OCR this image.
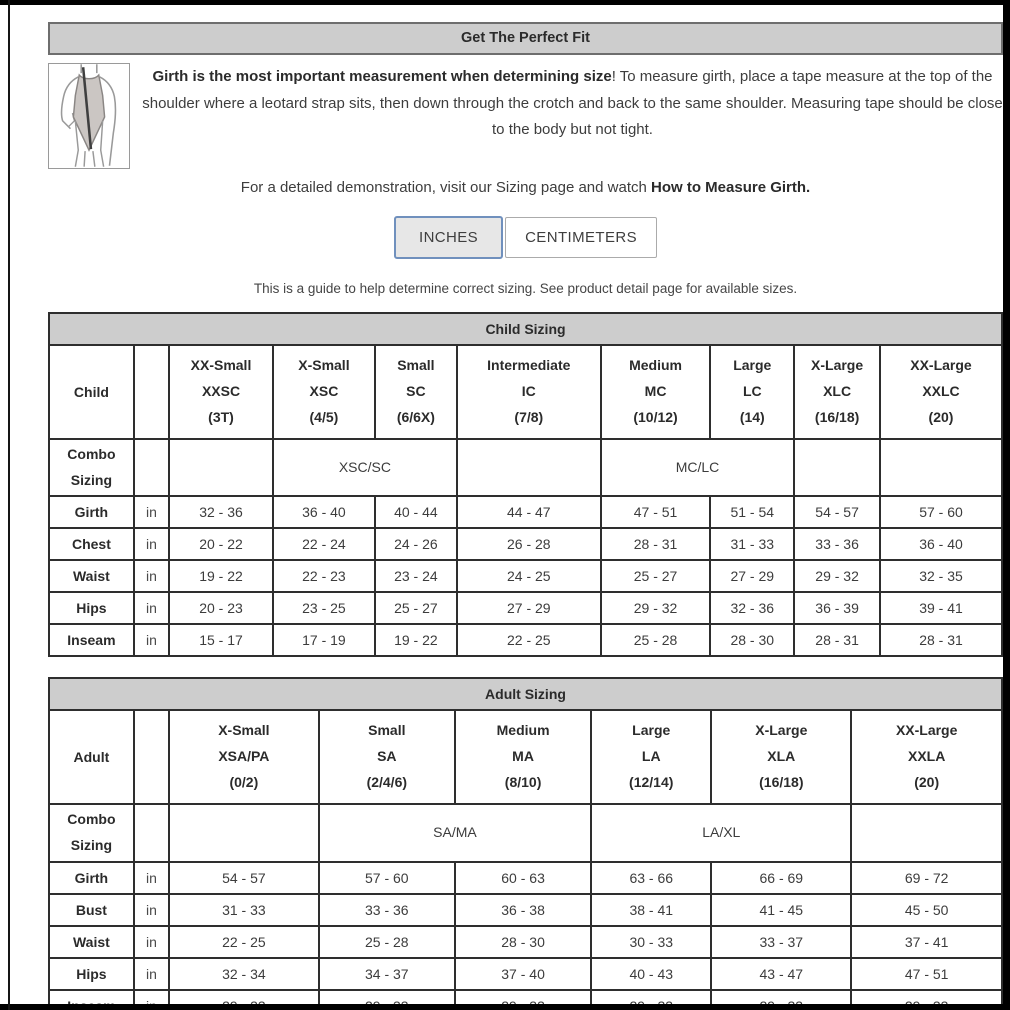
Get The Perfect Fit

Girth is the most important measurement when determining size! To measure girth, place a tape measure at the top of the shoulder where a leotard strap sits, then down through the crotch and back to the same shoulder. Measuring tape should be close to the body but not tight.

For a detailed demonstration, visit our Sizing page and watch How to Measure Girth.

INCHES	CENTIMETERS

This is a guide to help determine correct sizing. See product detail page for available sizes.

Child Sizing									
Child		XX-Small
XXSC
(3T)	X-Small
XSC
(4/5)	Small
SC
(6/6X)	Intermediate
IC
(7/8)	Medium
MC
(10/12)	Large
LC
(14)	X-Large
XLC
(16/18)	XX-Large
XXLC
(20)
Combo
Sizing			XSC/SC			MC/LC			
Girth	in	32 - 36	36 - 40	40 - 44	44 - 47	47 - 51	51 - 54	54 - 57	57 - 60
Chest	in	20 - 22	22 - 24	24 - 26	26 - 28	28 - 31	31 - 33	33 - 36	36 - 40
Waist	in	19 - 22	22 - 23	23 - 24	24 - 25	25 - 27	27 - 29	29 - 32	32 - 35
Hips	in	20 - 23	23 - 25	25 - 27	27 - 29	29 - 32	32 - 36	36 - 39	39 - 41
Inseam	in	15 - 17	17 - 19	19 - 22	22 - 25	25 - 28	28 - 30	28 - 31	28 - 31
Adult Sizing							
Adult		X-Small
XSA/PA
(0/2)	Small
SA
(2/4/6)	Medium
MA
(8/10)	Large
LA
(12/14)	X-Large
XLA
(16/18)	XX-Large
XXLA
(20)
Combo
Sizing			SA/MA		LA/XL		
Girth	in	54 - 57	57 - 60	60 - 63	63 - 66	66 - 69	69 - 72
Bust	in	31 - 33	33 - 36	36 - 38	38 - 41	41 - 45	45 - 50
Waist	in	22 - 25	25 - 28	28 - 30	30 - 33	33 - 37	37 - 41
Hips	in	32 - 34	34 - 37	37 - 40	40 - 43	43 - 47	47 - 51
